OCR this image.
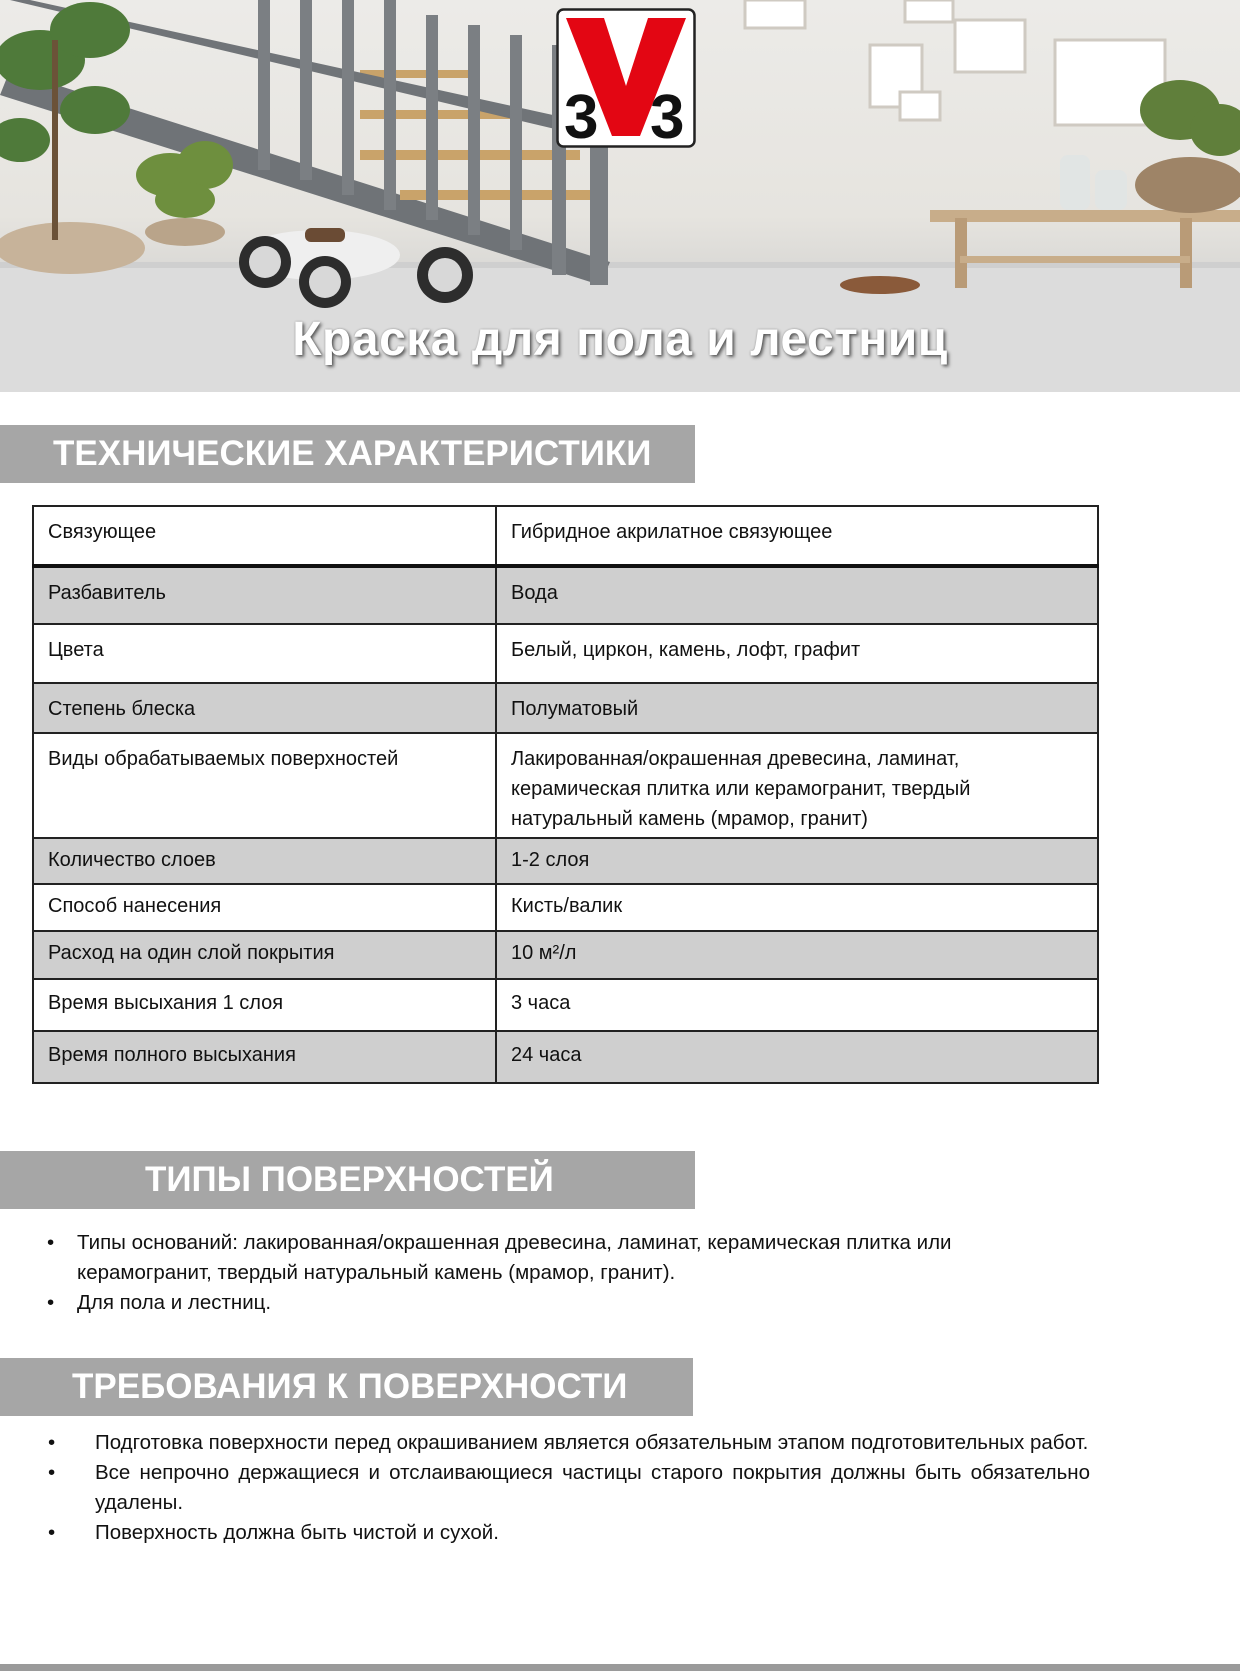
3 3
Краска для пола и лестниц
ТЕХНИЧЕСКИЕ ХАРАКТЕРИСТИКИ
Связующее	Гибридное акрилатное связующее
Разбавитель	Вода
Цвета	Белый, циркон, камень, лофт, графит
Степень блеска	Полуматовый
Виды обрабатываемых поверхностей	Лакированная/окрашенная древесина, ламинат, керамическая плитка или керамогранит, твердый натуральный камень (мрамор, гранит)
Количество слоев	1-2 слоя
Способ нанесения	Кисть/валик
Расход на один слой покрытия	10 м²/л
Время высыхания 1 слоя	3 часа
Время полного высыхания	24 часа
ТИПЫ ПОВЕРХНОСТЕЙ
• Типы оснований: лакированная/окрашенная древесина, ламинат, керамическая плитка или керамогранит, твердый натуральный камень (мрамор, гранит).
• Для пола и лестниц.
ТРЕБОВАНИЯ К ПОВЕРХНОСТИ
• Подготовка поверхности перед окрашиванием является обязательным этапом подготовительных работ.
• Все непрочно держащиеся и отслаивающиеся частицы старого покрытия должны быть обязательно удалены.
• Поверхность должна быть чистой и сухой.
